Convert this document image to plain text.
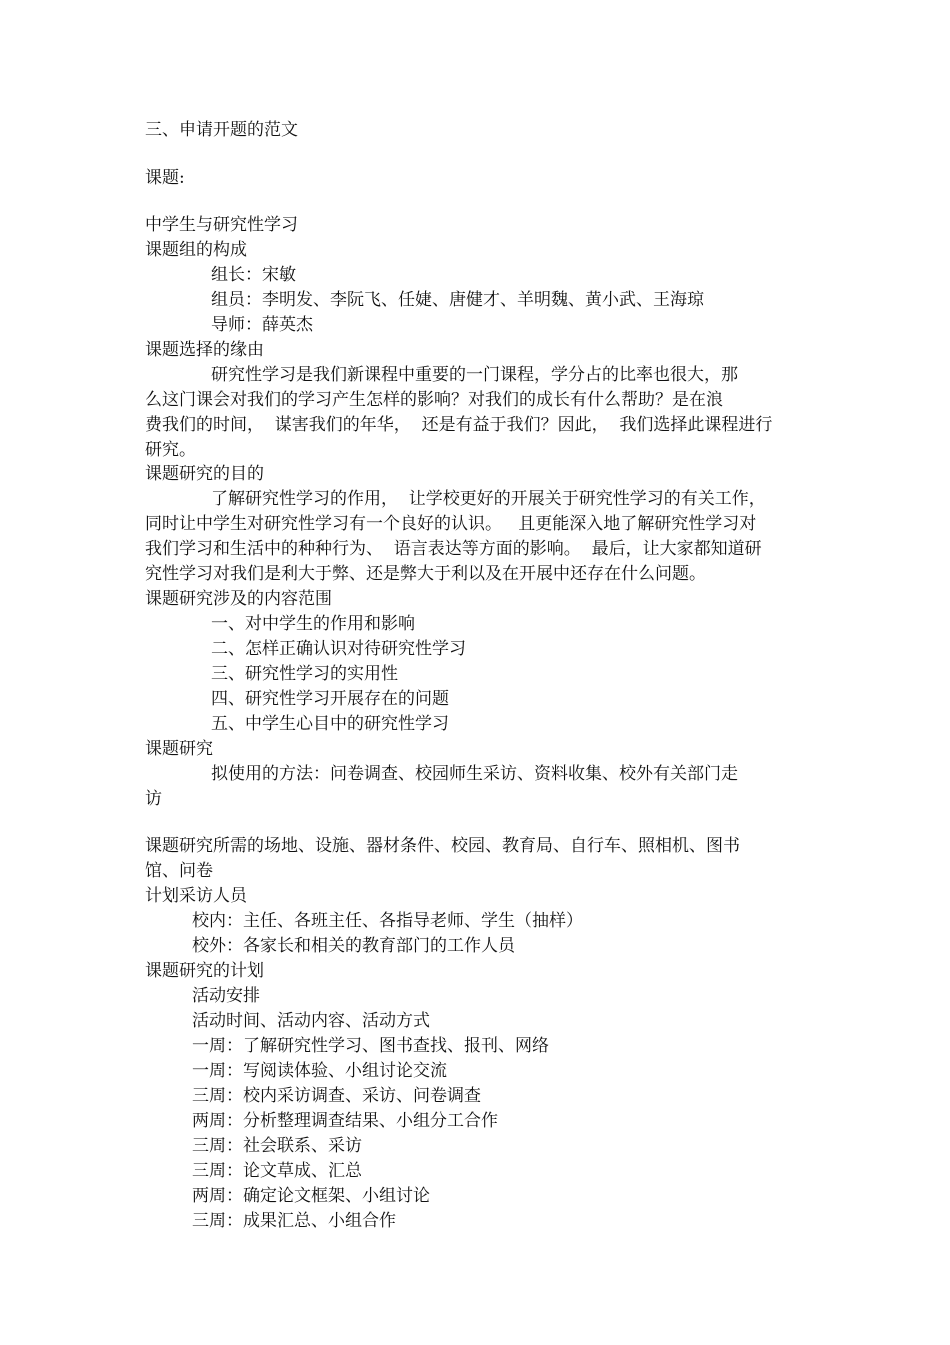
三、申请开题的范文
课题:
中学生与研究性学习
课题组的构成
组长：宋敏
组员：李明发、李阮飞、任婕、唐健才、羊明魏、黄小武、王海琼
导师：薛英杰
课题选择的缘由
研究性学习是我们新课程中重要的一门课程，学分占的比率也很大，那
么这门课会对我们的学习产生怎样的影响？对我们的成长有什么帮助？是在浪
费我们的时间，  谋害我们的年华，  还是有益于我们？因此，  我们选择此课程进行
研究。
课题研究的目的
了解研究性学习的作用，  让学校更好的开展关于研究性学习的有关工作，
同时让中学生对研究性学习有一个良好的认识。   且更能深入地了解研究性学习对
我们学习和生活中的种种行为、  语言表达等方面的影响。  最后，让大家都知道研
究性学习对我们是利大于弊、还是弊大于利以及在开展中还存在什么问题。
课题研究涉及的内容范围
一、对中学生的作用和影响
二、怎样正确认识对待研究性学习
三、研究性学习的实用性
四、研究性学习开展存在的问题
五、中学生心目中的研究性学习
课题研究
拟使用的方法：问卷调查、校园师生采访、资料收集、校外有关部门走
访
课题研究所需的场地、设施、器材条件、校园、教育局、自行车、照相机、图书
馆、问卷
计划采访人员
校内：主任、各班主任、各指导老师、学生（抽样）
校外：各家长和相关的教育部门的工作人员
课题研究的计划
活动安排
活动时间、活动内容、活动方式
一周：了解研究性学习、图书查找、报刊、网络
一周：写阅读体验、小组讨论交流
三周：校内采访调查、采访、问卷调查
两周：分析整理调查结果、小组分工合作
三周：社会联系、采访
三周：论文草成、汇总
两周：确定论文框架、小组讨论
三周：成果汇总、小组合作
